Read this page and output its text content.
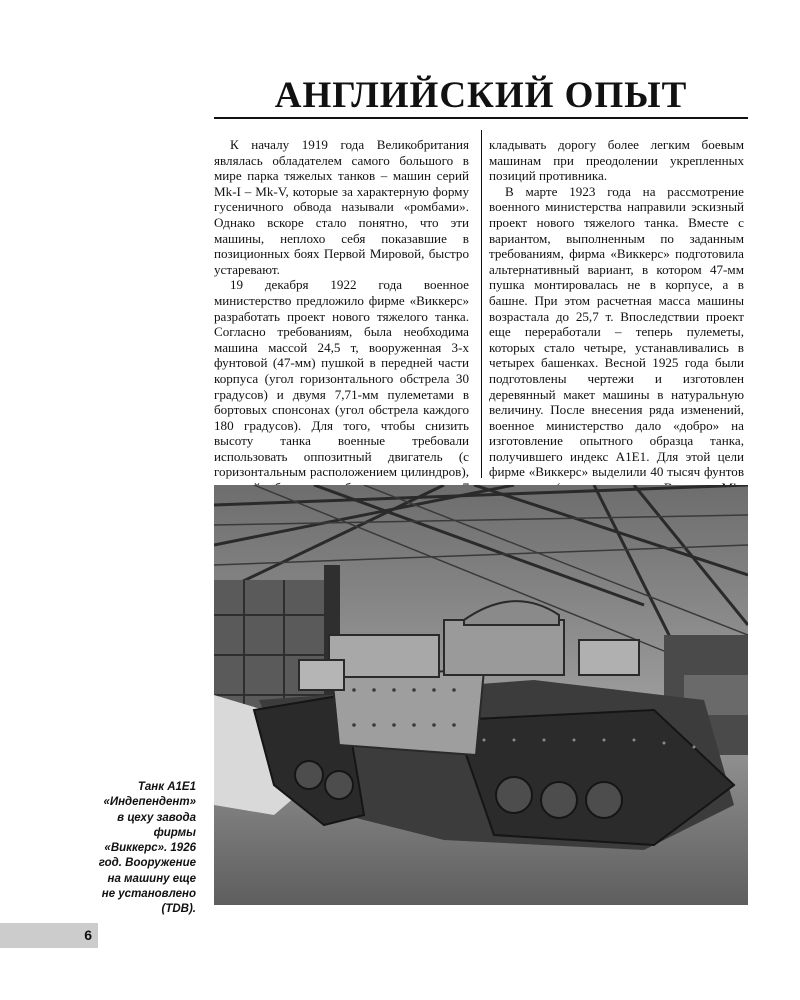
АНГЛИЙСКИЙ ОПЫТ

К началу 1919 года Великобритания являлась обладателем самого большого в мире парка тяжелых танков – машин серий Mk-I – Mk-V, которые за характерную форму гусеничного обвода называли «ромбами». Однако вскоре стало понятно, что эти машины, неплохо себя показавшие в позиционных боях Первой Мировой, быстро устаревают.

19 декабря 1922 года военное министерство предложило фирме «Виккерс» разработать проект нового тяжелого танка. Согласно требованиям, была необходима машина массой 24,5 т, вооруженная 3-х фунтовой (47-мм) пушкой в передней части корпуса (угол горизонтального обстрела 30 градусов) и двумя 7,71-мм пулеметами в бортовых спонсонах (угол обстрела каждого 180 градусов). Для того, чтобы снизить высоту танка военные требовали использовать оппозитный двигатель (с горизонтальным расположением цилиндров),

кладывать дорогу более легким боевым машинам при преодолении укрепленных позиций противника.

В марте 1923 года на рассмотрение военного министерства направили эскизный проект нового тяжелого танка. Вместе с вариантом, выполненным по заданным требованиям, фирма «Виккерс» подготовила альтернативный вариант, в котором 47-мм пушка монтировалась не в корпусе, а в башне. При этом расчетная масса машины возрастала до 25,7 т. Впоследствии проект еще переработали – теперь пулеметы, которых стало четыре, устанавливались в четырех башенках. Весной 1925 года были подготовлены чертежи и изготовлен деревянный макет машины в натуральную величину. После внесения ряда изменений, военное министерство дало «добро» на изготовление опытного образца танка, получившего индекс A1E1. Для этой цели фирме «Виккерс» выделили 40 тысяч фунтов

Танк A1E1 «Индепендент» в цеху завода фирмы «Виккерс». 1926 год. Вооружение на машину еще не установлено (TDB).
6
